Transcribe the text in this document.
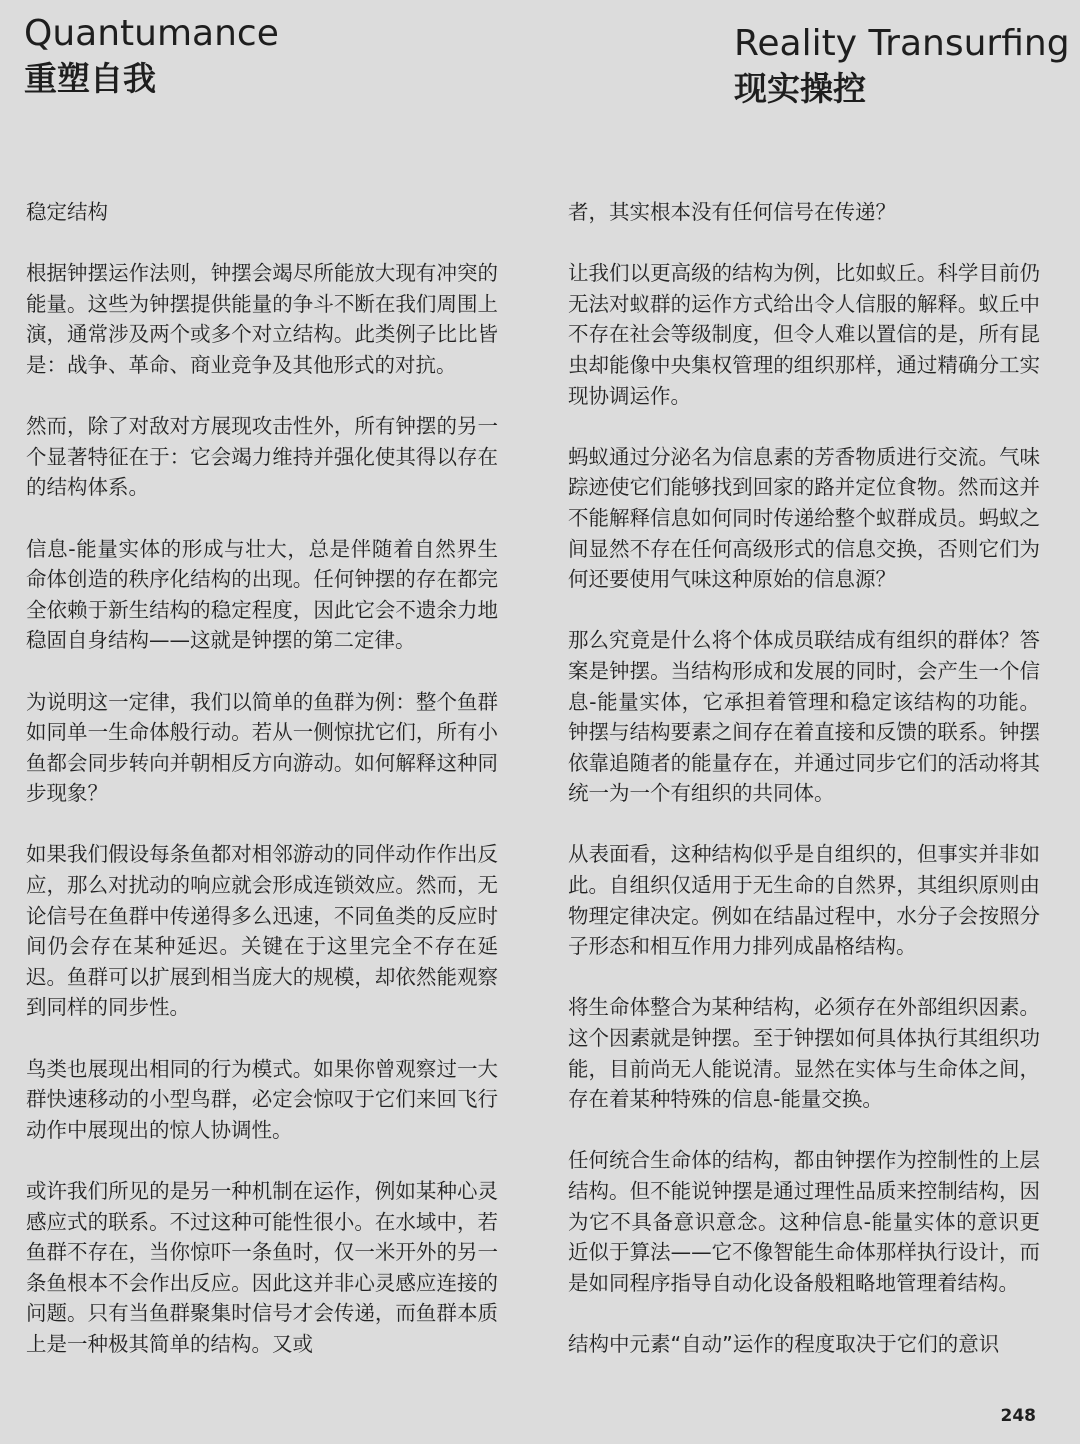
Quantumance
重塑自我
Reality Transurfing
现实操控

稳定结构

根据钟摆运作法则，钟摆会竭尽所能放大现有冲突的能量。这些为钟摆提供能量的争斗不断在我们周围上演，通常涉及两个或多个对立结构。此类例子比比皆是：战争、革命、商业竞争及其他形式的对抗。

然而，除了对敌对方展现攻击性外，所有钟摆的另一个显著特征在于：它会竭力维持并强化使其得以存在的结构体系。

信息-能量实体的形成与壮大，总是伴随着自然界生命体创造的秩序化结构的出现。任何钟摆的存在都完全依赖于新生结构的稳定程度，因此它会不遗余力地稳固自身结构——这就是钟摆的第二定律。

为说明这一定律，我们以简单的鱼群为例：整个鱼群如同单一生命体般行动。若从一侧惊扰它们，所有小鱼都会同步转向并朝相反方向游动。如何解释这种同步现象？

如果我们假设每条鱼都对相邻游动的同伴动作作出反应，那么对扰动的响应就会形成连锁效应。然而，无论信号在鱼群中传递得多么迅速，不同鱼类的反应时间仍会存在某种延迟。关键在于这里完全不存在延迟。鱼群可以扩展到相当庞大的规模，却依然能观察到同样的同步性。

鸟类也展现出相同的行为模式。如果你曾观察过一大群快速移动的小型鸟群，必定会惊叹于它们来回飞行动作中展现出的惊人协调性。

或许我们所见的是另一种机制在运作，例如某种心灵感应式的联系。不过这种可能性很小。在水域中，若鱼群不存在，当你惊吓一条鱼时，仅一米开外的另一条鱼根本不会作出反应。因此这并非心灵感应连接的问题。只有当鱼群聚集时信号才会传递，而鱼群本质上是一种极其简单的结构。又或

者，其实根本没有任何信号在传递？

让我们以更高级的结构为例，比如蚁丘。科学目前仍无法对蚁群的运作方式给出令人信服的解释。蚁丘中不存在社会等级制度，但令人难以置信的是，所有昆虫却能像中央集权管理的组织那样，通过精确分工实现协调运作。

蚂蚁通过分泌名为信息素的芳香物质进行交流。气味踪迹使它们能够找到回家的路并定位食物。然而这并不能解释信息如何同时传递给整个蚁群成员。蚂蚁之间显然不存在任何高级形式的信息交换，否则它们为何还要使用气味这种原始的信息源？

那么究竟是什么将个体成员联结成有组织的群体？答案是钟摆。当结构形成和发展的同时，会产生一个信息-能量实体，它承担着管理和稳定该结构的功能。钟摆与结构要素之间存在着直接和反馈的联系。钟摆依靠追随者的能量存在，并通过同步它们的活动将其统一为一个有组织的共同体。

从表面看，这种结构似乎是自组织的，但事实并非如此。自组织仅适用于无生命的自然界，其组织原则由物理定律决定。例如在结晶过程中，水分子会按照分子形态和相互作用力排列成晶格结构。

将生命体整合为某种结构，必须存在外部组织因素。这个因素就是钟摆。至于钟摆如何具体执行其组织功能，目前尚无人能说清。显然在实体与生命体之间，存在着某种特殊的信息-能量交换。

任何统合生命体的结构，都由钟摆作为控制性的上层结构。但不能说钟摆是通过理性品质来控制结构，因为它不具备意识意念。这种信息-能量实体的意识更近似于算法——它不像智能生命体那样执行设计，而是如同程序指导自动化设备般粗略地管理着结构。

结构中元素“自动”运作的程度取决于它们的意识

248
